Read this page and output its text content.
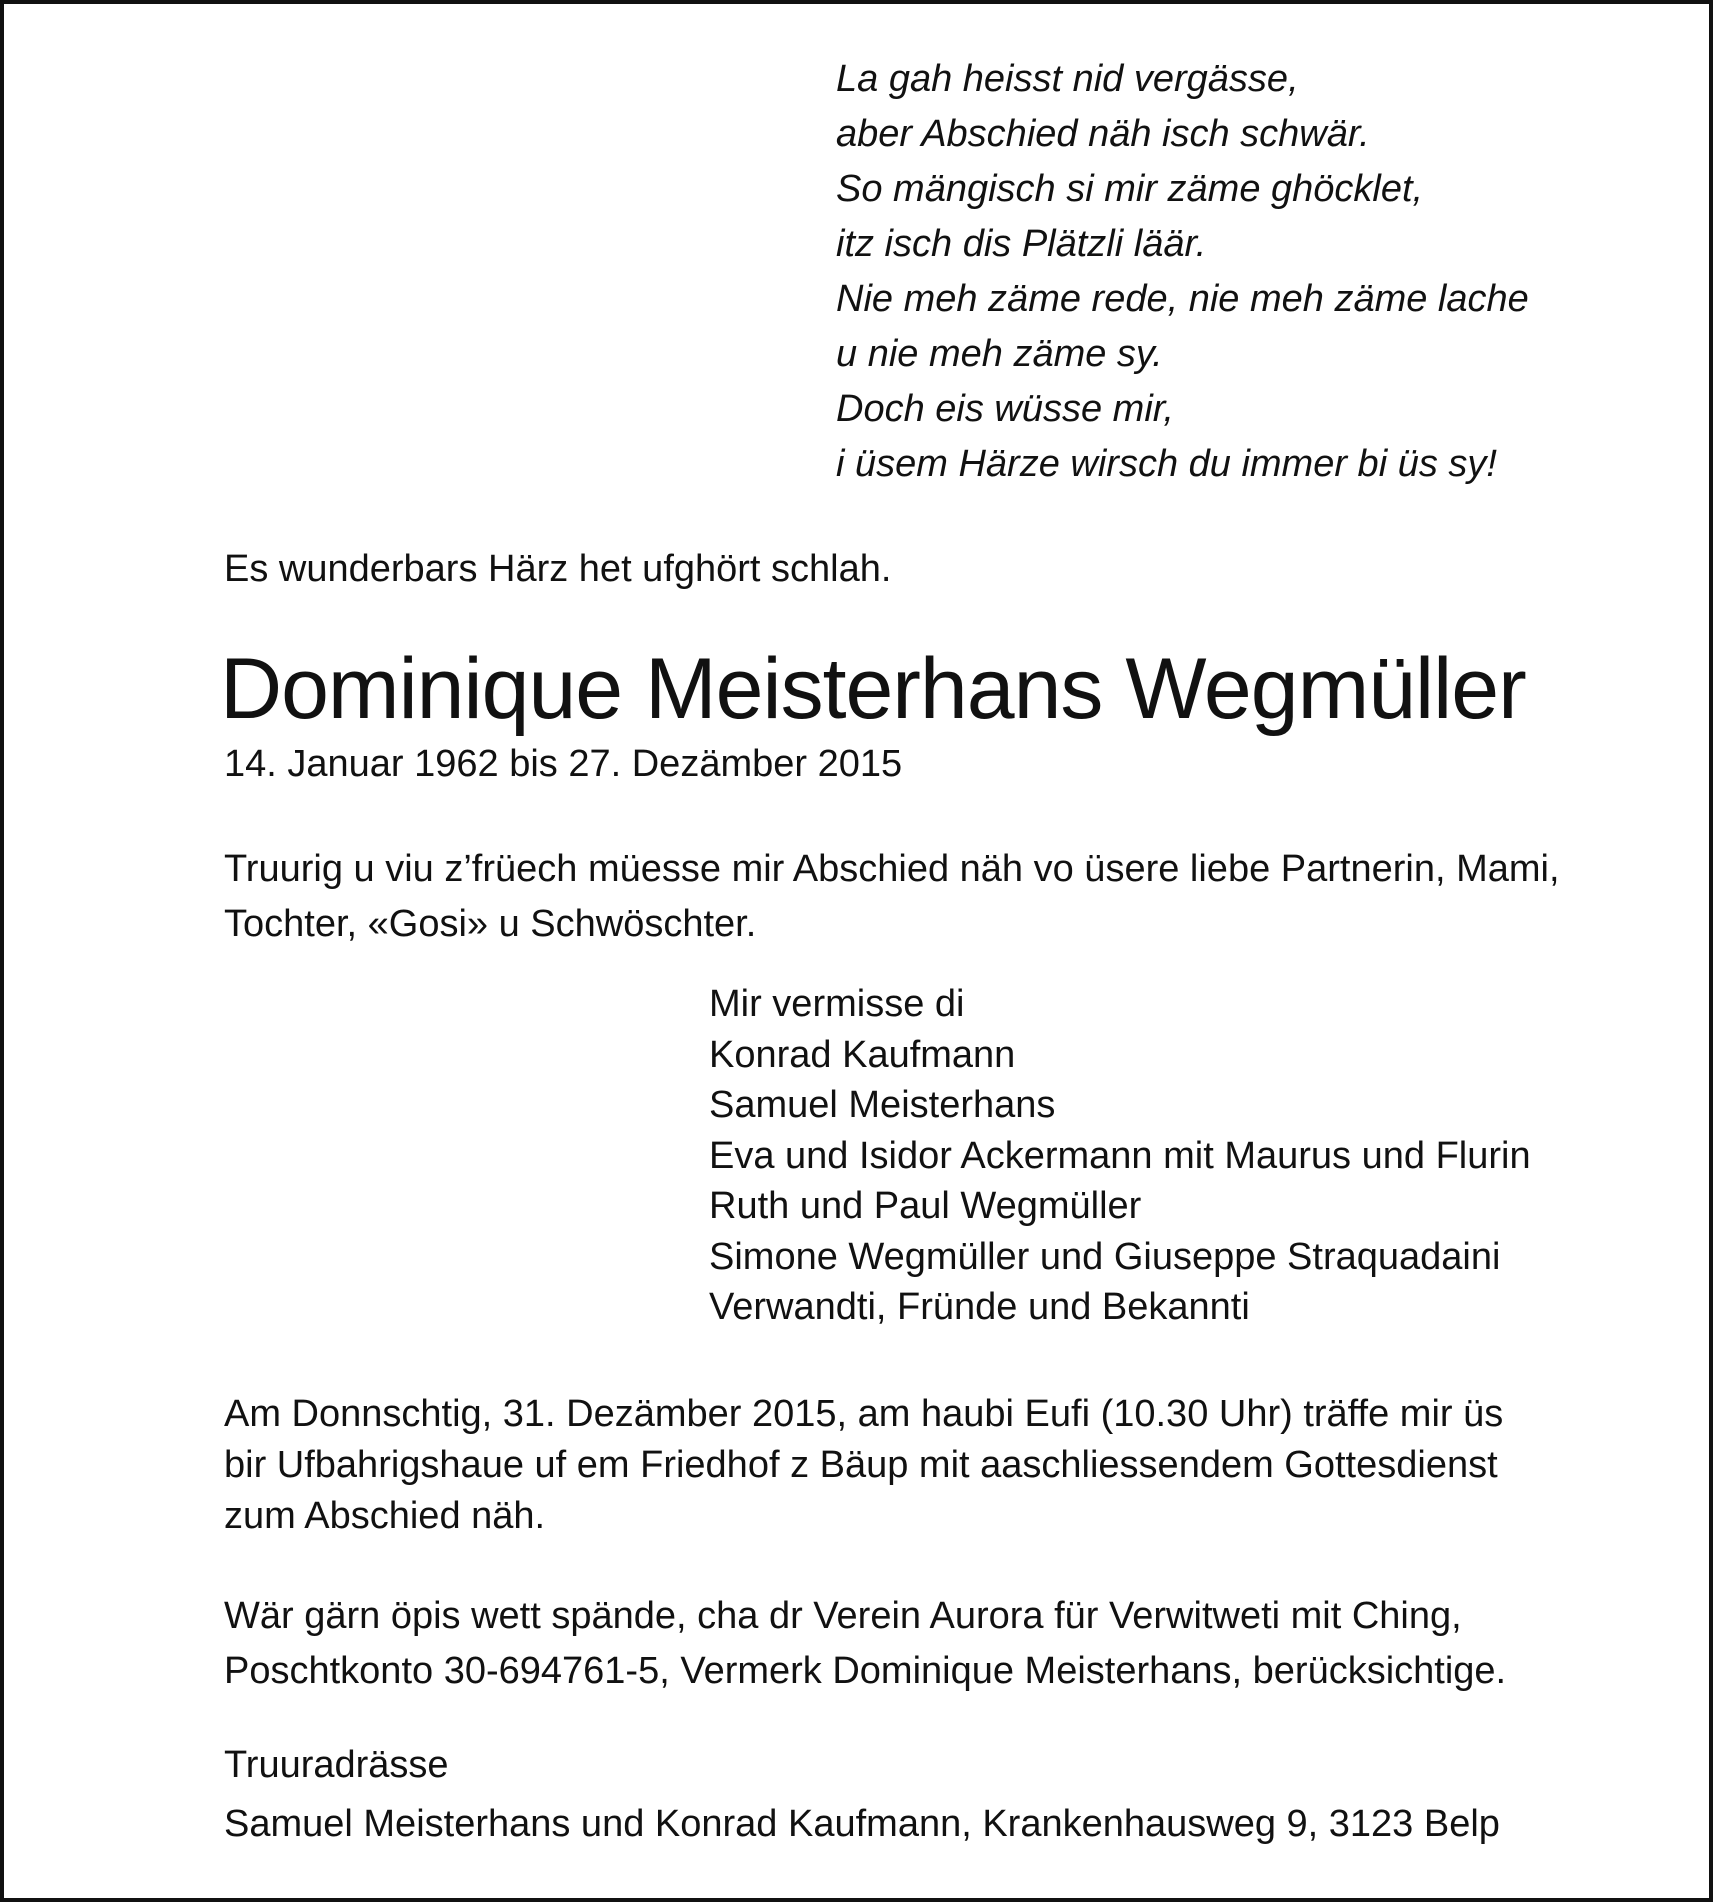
La gah heisst nid vergässe,
aber Abschied näh isch schwär.
So mängisch si mir zäme ghöcklet,
itz isch dis Plätzli läär.
Nie meh zäme rede, nie meh zäme lache
u nie meh zäme sy.
Doch eis wüsse mir,
i üsem Härze wirsch du immer bi üs sy!
Es wunderbars Härz het ufghört schlah.
Dominique Meisterhans Wegmüller
14. Januar 1962 bis 27. Dezämber 2015
Truurig u viu z’früech müesse mir Abschied näh vo üsere liebe Partnerin, Mami,
Tochter, «Gosi» u Schwöschter.
Mir vermisse di
Konrad Kaufmann
Samuel Meisterhans
Eva und Isidor Ackermann mit Maurus und Flurin
Ruth und Paul Wegmüller
Simone Wegmüller und Giuseppe Straquadaini
Verwandti, Fründe und Bekannti
Am Donnschtig, 31. Dezämber 2015, am haubi Eufi (10.30 Uhr) träffe mir üs
bir Ufbahrigshaue uf em Friedhof z Bäup mit aaschliessendem Gottesdienst
zum Abschied näh.
Wär gärn öpis wett spände, cha dr Verein Aurora für Verwitweti mit Ching,
Poschtkonto 30-694761-5, Vermerk Dominique Meisterhans, berücksichtige.
Truuradrässe
Samuel Meisterhans und Konrad Kaufmann, Krankenhausweg 9, 3123 Belp
